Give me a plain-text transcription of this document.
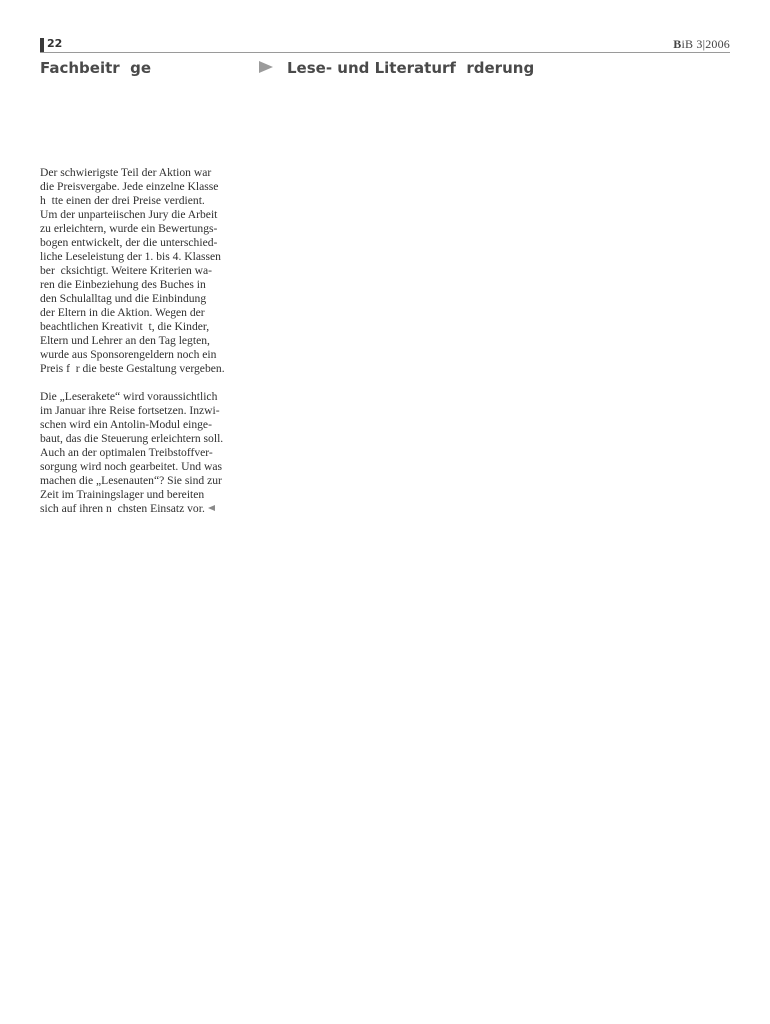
22	BiB 3|2006
Fachbeitr  ge	Lese- und Literaturf  rderung
Der schwierigste Teil der Aktion war
die Preisvergabe. Jede einzelne Klasse
h  tte einen der drei Preise verdient.
Um der unparteiischen Jury die Arbeit
zu erleichtern, wurde ein Bewertungs-
bogen entwickelt, der die unterschied-
liche Leseleistung der 1. bis 4. Klassen
ber  cksichtigt. Weitere Kriterien wa-
ren die Einbeziehung des Buches in
den Schulalltag und die Einbindung
der Eltern in die Aktion. Wegen der
beachtlichen Kreativit  t, die Kinder,
Eltern und Lehrer an den Tag legten,
wurde aus Sponsorengeldern noch ein
Preis f  r die beste Gestaltung vergeben.
Die „Leserakete“ wird voraussichtlich
im Januar ihre Reise fortsetzen. Inzwi-
schen wird ein Antolin-Modul einge-
baut, das die Steuerung erleichtern soll.
Auch an der optimalen Treibstoffver-
sorgung wird noch gearbeitet. Und was
machen die „Lesenauten“? Sie sind zur
Zeit im Trainingslager und bereiten
sich auf ihren n  chsten Einsatz vor.
